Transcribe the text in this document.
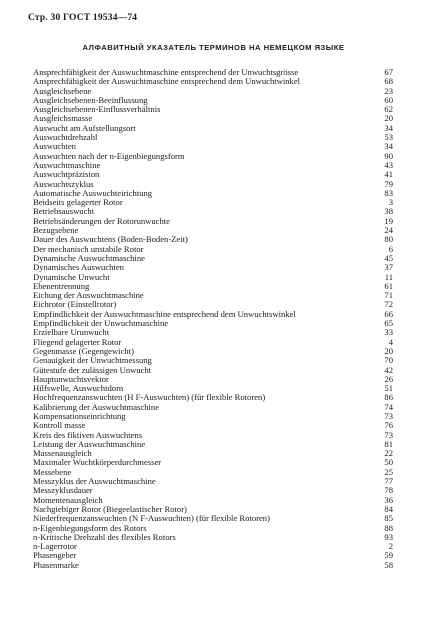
Стр. 30 ГОСТ 19534—74
АЛФАВИТНЫЙ УКАЗАТЕЛЬ ТЕРМИНОВ НА НЕМЕЦКОМ ЯЗЫКЕ
Ansprechfähigkeit der Auswuchtmaschine entsprechend der Unwuchtsgrösse	67
Ansprechfähigkeit der Auswuchtmaschine entsprechend dem Unwuchtwinkel	68
Ausgleichsebene	23
Ausgleichsebenen-Beeinflussung	60
Ausgleichsebenen-Einflussverhältnis	62
Ausgleichsmasse	20
Auswucht am Aufstellungsort	34
Auswuchtdrehzahl	53
Auswuchten	34
Auswuchten nach der n-Eigenbiegungsform	90
Auswuchtmaschine	43
Auswuchtpräzision	41
Auswuchtszyklus	79
Automatische Auswuchteirichtung	83
Beidseits gelagerter Rotor	3
Betriebsauswucht	38
Betriebsänderungen der Rotorunwuchte	19
Bezugsebene	24
Dauer des Auswuchtens (Boden-Boden-Zeit)	80
Der mechanisch unstabile Rotor	6
Dynamische Auswuchtmaschine	45
Dynamisches Auswuchten	37
Dynamische Unwucht	11
Ebenentrennung	61
Eichung der Auswuchtmaschine	71
Eichrotor (Einstellrotor)	72
Empfindlichkeit der Auswuchtmaschine entsprechend dem Unwuchtswinkel	66
Empfindlichkeit der Unwuchtmaschine	65
Erzielbare Urunwucht	33
Fliegend gelagerter Rotor	4
Gegenmasse (Gegengewicht)	20
Genauigkeit der Unwuchtmessung	70
Gütestufe der zulässigen Unwucht	42
Hauptunwuchtsvektor	26
Hilfswelle, Auswuchtdorn	51
Hochfrequenzanswuchten (H F-Auswuchten) (für flexible Rotoren)	86
Kalibrierung der Auswuchtmaschine	74
Kompensationseinrichtung	73
Kontroll masse	76
Kreis des fiktiven Auswuchtens	73
Leistung der Auswuchtmaschine	81
Massenausgleich	22
Maximaler Wuchtkörperdurchmesser	50
Messebene	25
Messzyklus der Auswuchtmaschine	77
Messzyklusdauer	78
Momentenausgleich	36
Nachgiebiger Rotor (Biegeelastischer Rotor)	84
Niederfrequenzanswuchten (N F-Auswuchten) (für flexible Rotoren)	85
n-Eigenbiegungsform des Rotors	88
n-Kritische Drehzahl des flexibles Rotors	93
n-Lagerrotor	2
Phasengeber	59
Phasenmarke	58
